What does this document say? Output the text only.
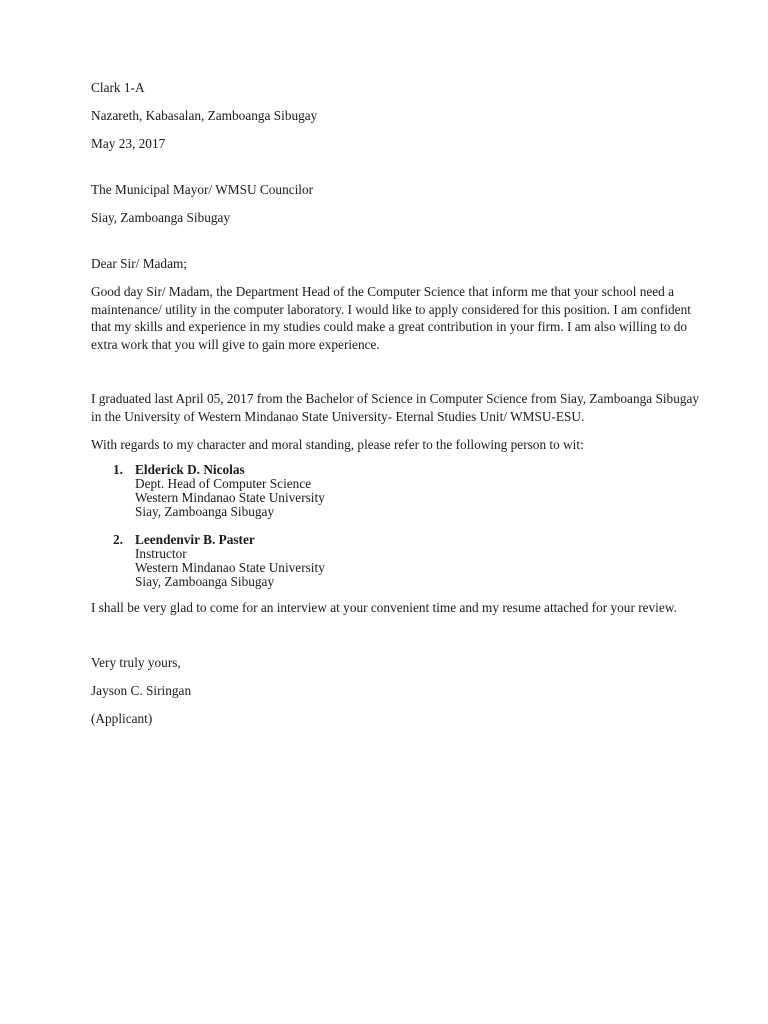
Clark 1-A

Nazareth, Kabasalan, Zamboanga Sibugay

May 23, 2017

The Municipal Mayor/ WMSU Councilor

Siay, Zamboanga Sibugay

Dear Sir/ Madam;

Good day Sir/ Madam, the Department Head of the Computer Science that inform me that your school need a maintenance/ utility in the computer laboratory. I would like to apply considered for this position. I am confident that my skills and experience in my studies could make a great contribution in your firm. I am also willing to do extra work that you will give to gain more experience.

I graduated last April 05, 2017 from the Bachelor of Science in Computer Science from Siay, Zamboanga Sibugay in the University of Western Mindanao State University- Eternal Studies Unit/ WMSU-ESU.

With regards to my character and moral standing, please refer to the following person to wit:

1. Elderick D. Nicolas
Dept. Head of Computer Science
Western Mindanao State University
Siay, Zamboanga Sibugay
2. Leendenvir B. Paster
Instructor
Western Mindanao State University
Siay, Zamboanga Sibugay

I shall be very glad to come for an interview at your convenient time and my resume attached for your review.

Very truly yours,

Jayson C. Siringan

(Applicant)
